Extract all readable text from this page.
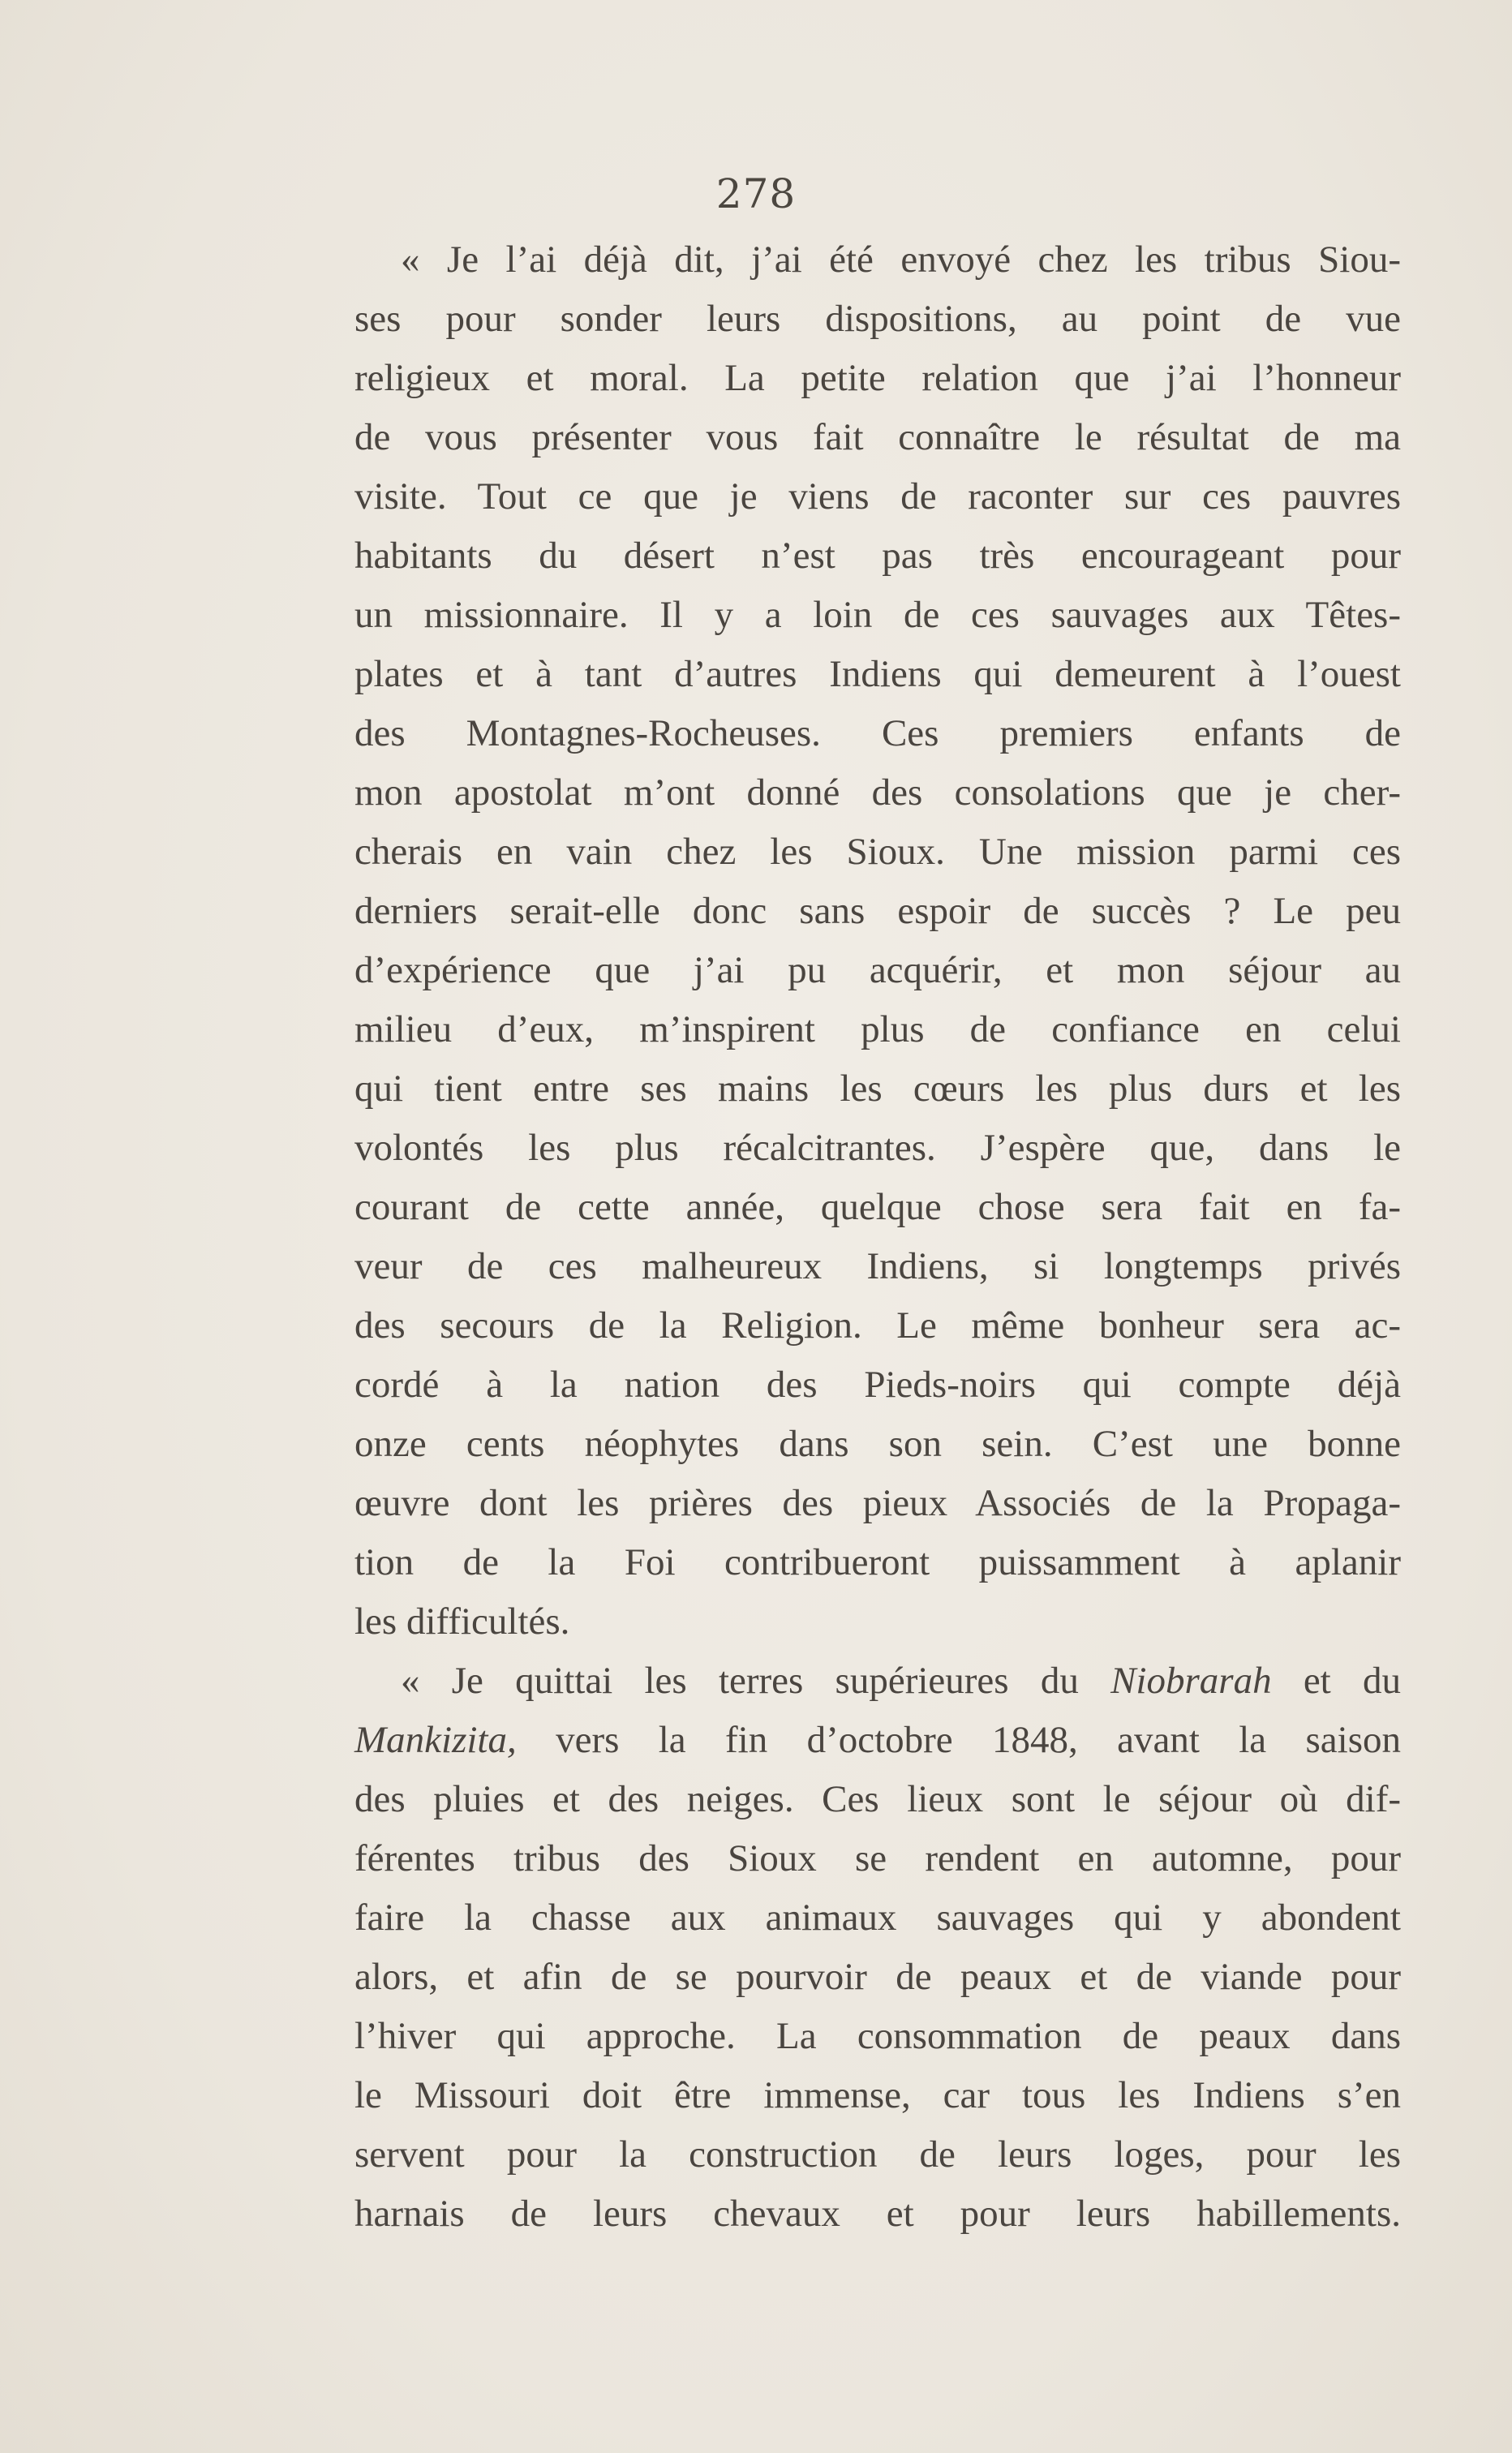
278
« Je l’ai déjà dit, j’ai été envoyé chez les tribus Siou-
ses pour sonder leurs dispositions, au point de vue
religieux et moral. La petite relation que j’ai l’honneur
de vous présenter vous fait connaître le résultat de ma
visite. Tout ce que je viens de raconter sur ces pauvres
habitants du désert n’est pas très encourageant pour
un missionnaire. Il y a loin de ces sauvages aux Têtes-
plates et à tant d’autres Indiens qui demeurent à l’ouest
des Montagnes-Rocheuses. Ces premiers enfants de
mon apostolat m’ont donné des consolations que je cher-
cherais en vain chez les Sioux. Une mission parmi ces
derniers serait-elle donc sans espoir de succès ? Le peu
d’expérience que j’ai pu acquérir, et mon séjour au
milieu d’eux, m’inspirent plus de confiance en celui
qui tient entre ses mains les cœurs les plus durs et les
volontés les plus récalcitrantes. J’espère que, dans le
courant de cette année, quelque chose sera fait en fa-
veur de ces malheureux Indiens, si longtemps privés
des secours de la Religion. Le même bonheur sera ac-
cordé à la nation des Pieds-noirs qui compte déjà
onze cents néophytes dans son sein. C’est une bonne
œuvre dont les prières des pieux Associés de la Propaga-
tion de la Foi contribueront puissamment à aplanir
les difficultés.
« Je quittai les terres supérieures du Niobrarah et du
Mankizita, vers la fin d’octobre 1848, avant la saison
des pluies et des neiges. Ces lieux sont le séjour où dif-
férentes tribus des Sioux se rendent en automne, pour
faire la chasse aux animaux sauvages qui y abondent
alors, et afin de se pourvoir de peaux et de viande pour
l’hiver qui approche. La consommation de peaux dans
le Missouri doit être immense, car tous les Indiens s’en
servent pour la construction de leurs loges, pour les
harnais de leurs chevaux et pour leurs habillements.
